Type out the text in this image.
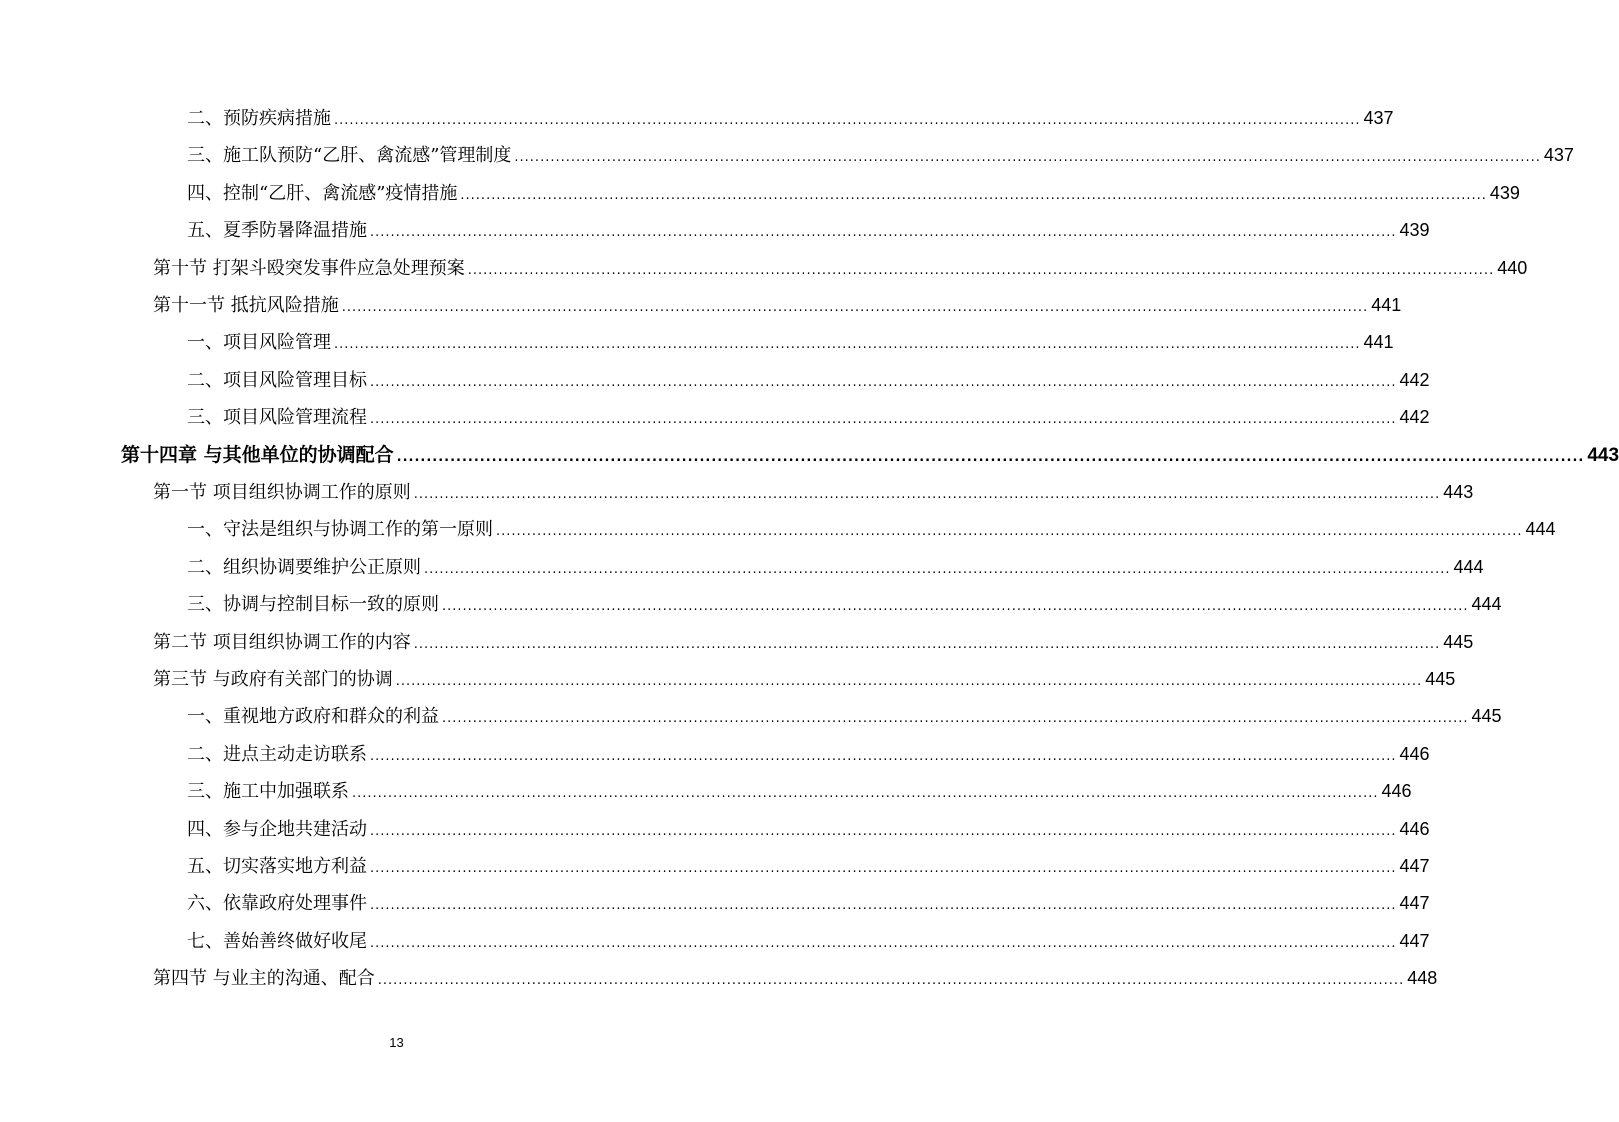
二、预防疾病措施 ........................................................................................................................................................................................................ 437
三、施工队预防“乙肝、禽流感”管理制度 ........................................................................................................................................................................................................ 437
四、控制“乙肝、禽流感”疫情措施 ........................................................................................................................................................................................................ 439
五、夏季防暑降温措施 ........................................................................................................................................................................................................ 439
第十节 打架斗殴突发事件应急处理预案 ........................................................................................................................................................................................................ 440
第十一节 抵抗风险措施 ........................................................................................................................................................................................................ 441
一、项目风险管理 ........................................................................................................................................................................................................ 441
二、项目风险管理目标 ........................................................................................................................................................................................................ 442
三、项目风险管理流程 ........................................................................................................................................................................................................ 442
第十四章 与其他单位的协调配合 ........................................................................................................................................................................................................ 443
第一节 项目组织协调工作的原则 ........................................................................................................................................................................................................ 443
一、守法是组织与协调工作的第一原则 ........................................................................................................................................................................................................ 444
二、组织协调要维护公正原则 ........................................................................................................................................................................................................ 444
三、协调与控制目标一致的原则 ........................................................................................................................................................................................................ 444
第二节 项目组织协调工作的内容 ........................................................................................................................................................................................................ 445
第三节 与政府有关部门的协调 ........................................................................................................................................................................................................ 445
一、重视地方政府和群众的利益 ........................................................................................................................................................................................................ 445
二、进点主动走访联系 ........................................................................................................................................................................................................ 446
三、施工中加强联系 ........................................................................................................................................................................................................ 446
四、参与企地共建活动 ........................................................................................................................................................................................................ 446
五、切实落实地方利益 ........................................................................................................................................................................................................ 447
六、依靠政府处理事件 ........................................................................................................................................................................................................ 447
七、善始善终做好收尾 ........................................................................................................................................................................................................ 447
第四节 与业主的沟通、配合 ........................................................................................................................................................................................................ 448
13
